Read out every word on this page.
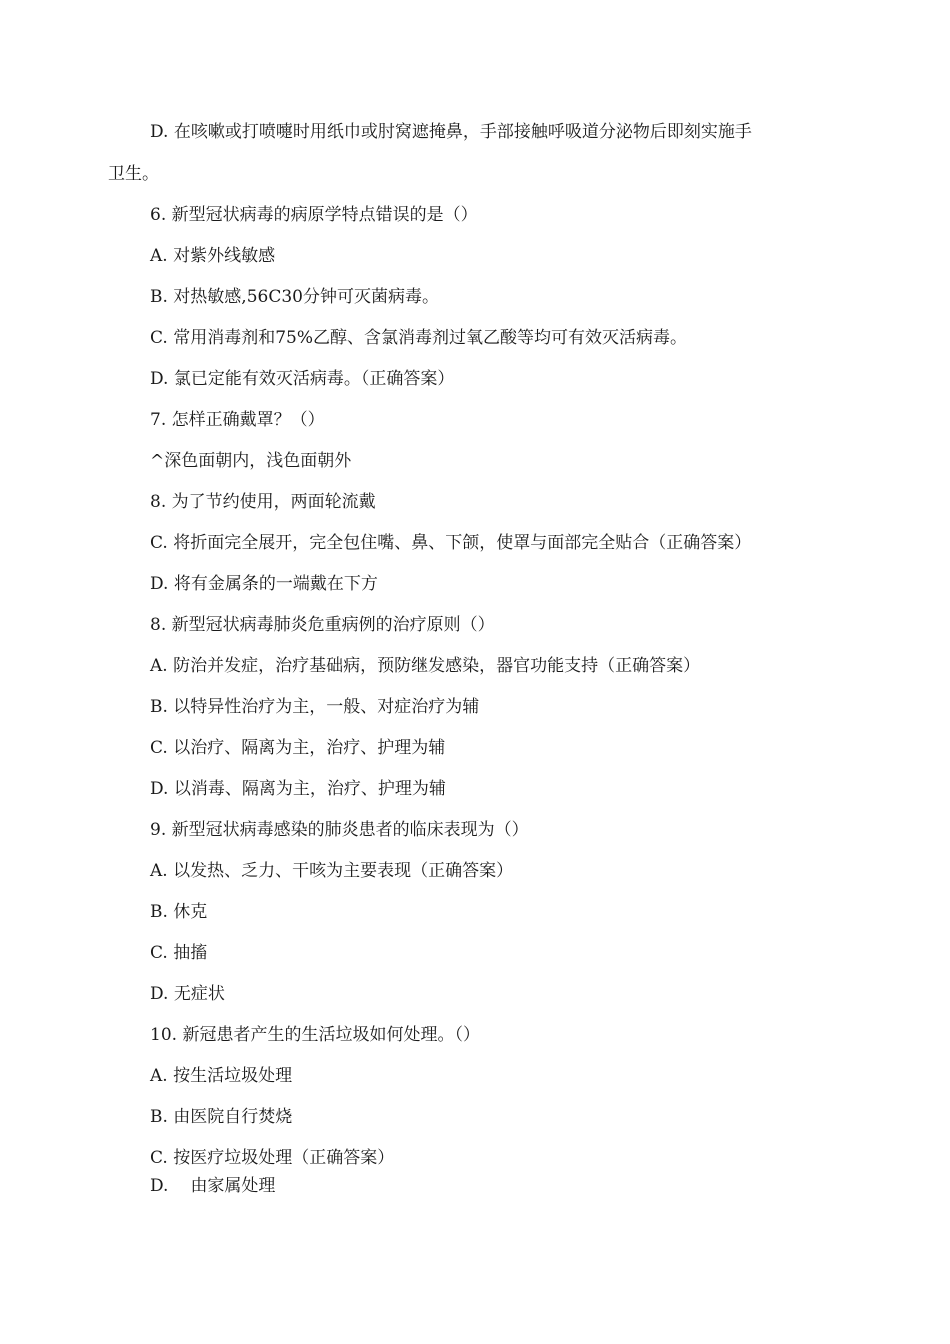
D. 在咳嗽或打喷嚏时用纸巾或肘窝遮掩鼻，手部接触呼吸道分泌物后即刻实施手
卫生。
6. 新型冠状病毒的病原学特点错误的是（）
A. 对紫外线敏感
B. 对热敏感,56C30分钟可灭菌病毒。
C. 常用消毒剂和75%乙醇、含氯消毒剂过氧乙酸等均可有效灭活病毒。
D. 氯已定能有效灭活病毒。（正确答案）
7. 怎样正确戴罩？（）
^深色面朝内，浅色面朝外
8. 为了节约使用，两面轮流戴
C. 将折面完全展开，完全包住嘴、鼻、下颌，使罩与面部完全贴合（正确答案）
D. 将有金属条的一端戴在下方
8. 新型冠状病毒肺炎危重病例的治疗原则（）
A. 防治并发症，治疗基础病，预防继发感染，器官功能支持（正确答案）
B. 以特异性治疗为主，一般、对症治疗为辅
C. 以治疗、隔离为主，治疗、护理为辅
D. 以消毒、隔离为主，治疗、护理为辅
9. 新型冠状病毒感染的肺炎患者的临床表现为（）
A. 以发热、乏力、干咳为主要表现（正确答案）
B. 休克
C. 抽搐
D. 无症状
10. 新冠患者产生的生活垃圾如何处理。（）
A. 按生活垃圾处理
B. 由医院自行焚烧
C. 按医疗垃圾处理（正确答案）
D. 由家属处理
